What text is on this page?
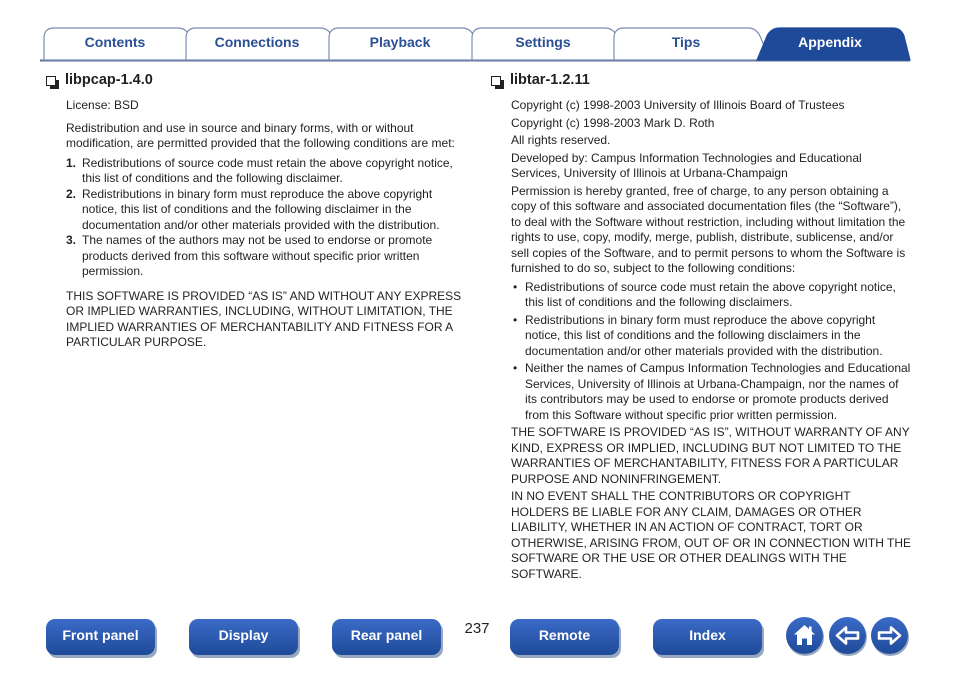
Contents	Connections	Playback	Settings	Tips	Appendix
libpcap-1.4.0

License: BSD

Redistribution and use in source and binary forms, with or without modification, are permitted provided that the following conditions are met:

1. Redistributions of source code must retain the above copyright notice, this list of conditions and the following disclaimer.
2. Redistributions in binary form must reproduce the above copyright notice, this list of conditions and the following disclaimer in the documentation and/or other materials provided with the distribution.
3. The names of the authors may not be used to endorse or promote products derived from this software without specific prior written permission.

THIS SOFTWARE IS PROVIDED “AS IS” AND WITHOUT ANY EXPRESS OR IMPLIED WARRANTIES, INCLUDING, WITHOUT LIMITATION, THE IMPLIED WARRANTIES OF MERCHANTABILITY AND FITNESS FOR A PARTICULAR PURPOSE.

libtar-1.2.11

Copyright (c) 1998-2003 University of Illinois Board of Trustees

Copyright (c) 1998-2003 Mark D. Roth

All rights reserved.

Developed by: Campus Information Technologies and Educational Services, University of Illinois at Urbana-Champaign

Permission is hereby granted, free of charge, to any person obtaining a copy of this software and associated documentation files (the “Software”), to deal with the Software without restriction, including without limitation the rights to use, copy, modify, merge, publish, distribute, sublicense, and/or sell copies of the Software, and to permit persons to whom the Software is furnished to do so, subject to the following conditions:

• Redistributions of source code must retain the above copyright notice, this list of conditions and the following disclaimers.
• Redistributions in binary form must reproduce the above copyright notice, this list of conditions and the following disclaimers in the documentation and/or other materials provided with the distribution.
• Neither the names of Campus Information Technologies and Educational Services, University of Illinois at Urbana-Champaign, nor the names of its contributors may be used to endorse or promote products derived from this Software without specific prior written permission.

THE SOFTWARE IS PROVIDED “AS IS”, WITHOUT WARRANTY OF ANY KIND, EXPRESS OR IMPLIED, INCLUDING BUT NOT LIMITED TO THE WARRANTIES OF MERCHANTABILITY, FITNESS FOR A PARTICULAR PURPOSE AND NONINFRINGEMENT.

IN NO EVENT SHALL THE CONTRIBUTORS OR COPYRIGHT HOLDERS BE LIABLE FOR ANY CLAIM, DAMAGES OR OTHER LIABILITY, WHETHER IN AN ACTION OF CONTRACT, TORT OR OTHERWISE, ARISING FROM, OUT OF OR IN CONNECTION WITH THE SOFTWARE OR THE USE OR OTHER DEALINGS WITH THE SOFTWARE.

Front panel	Display	Rear panel	237	Remote	Index
